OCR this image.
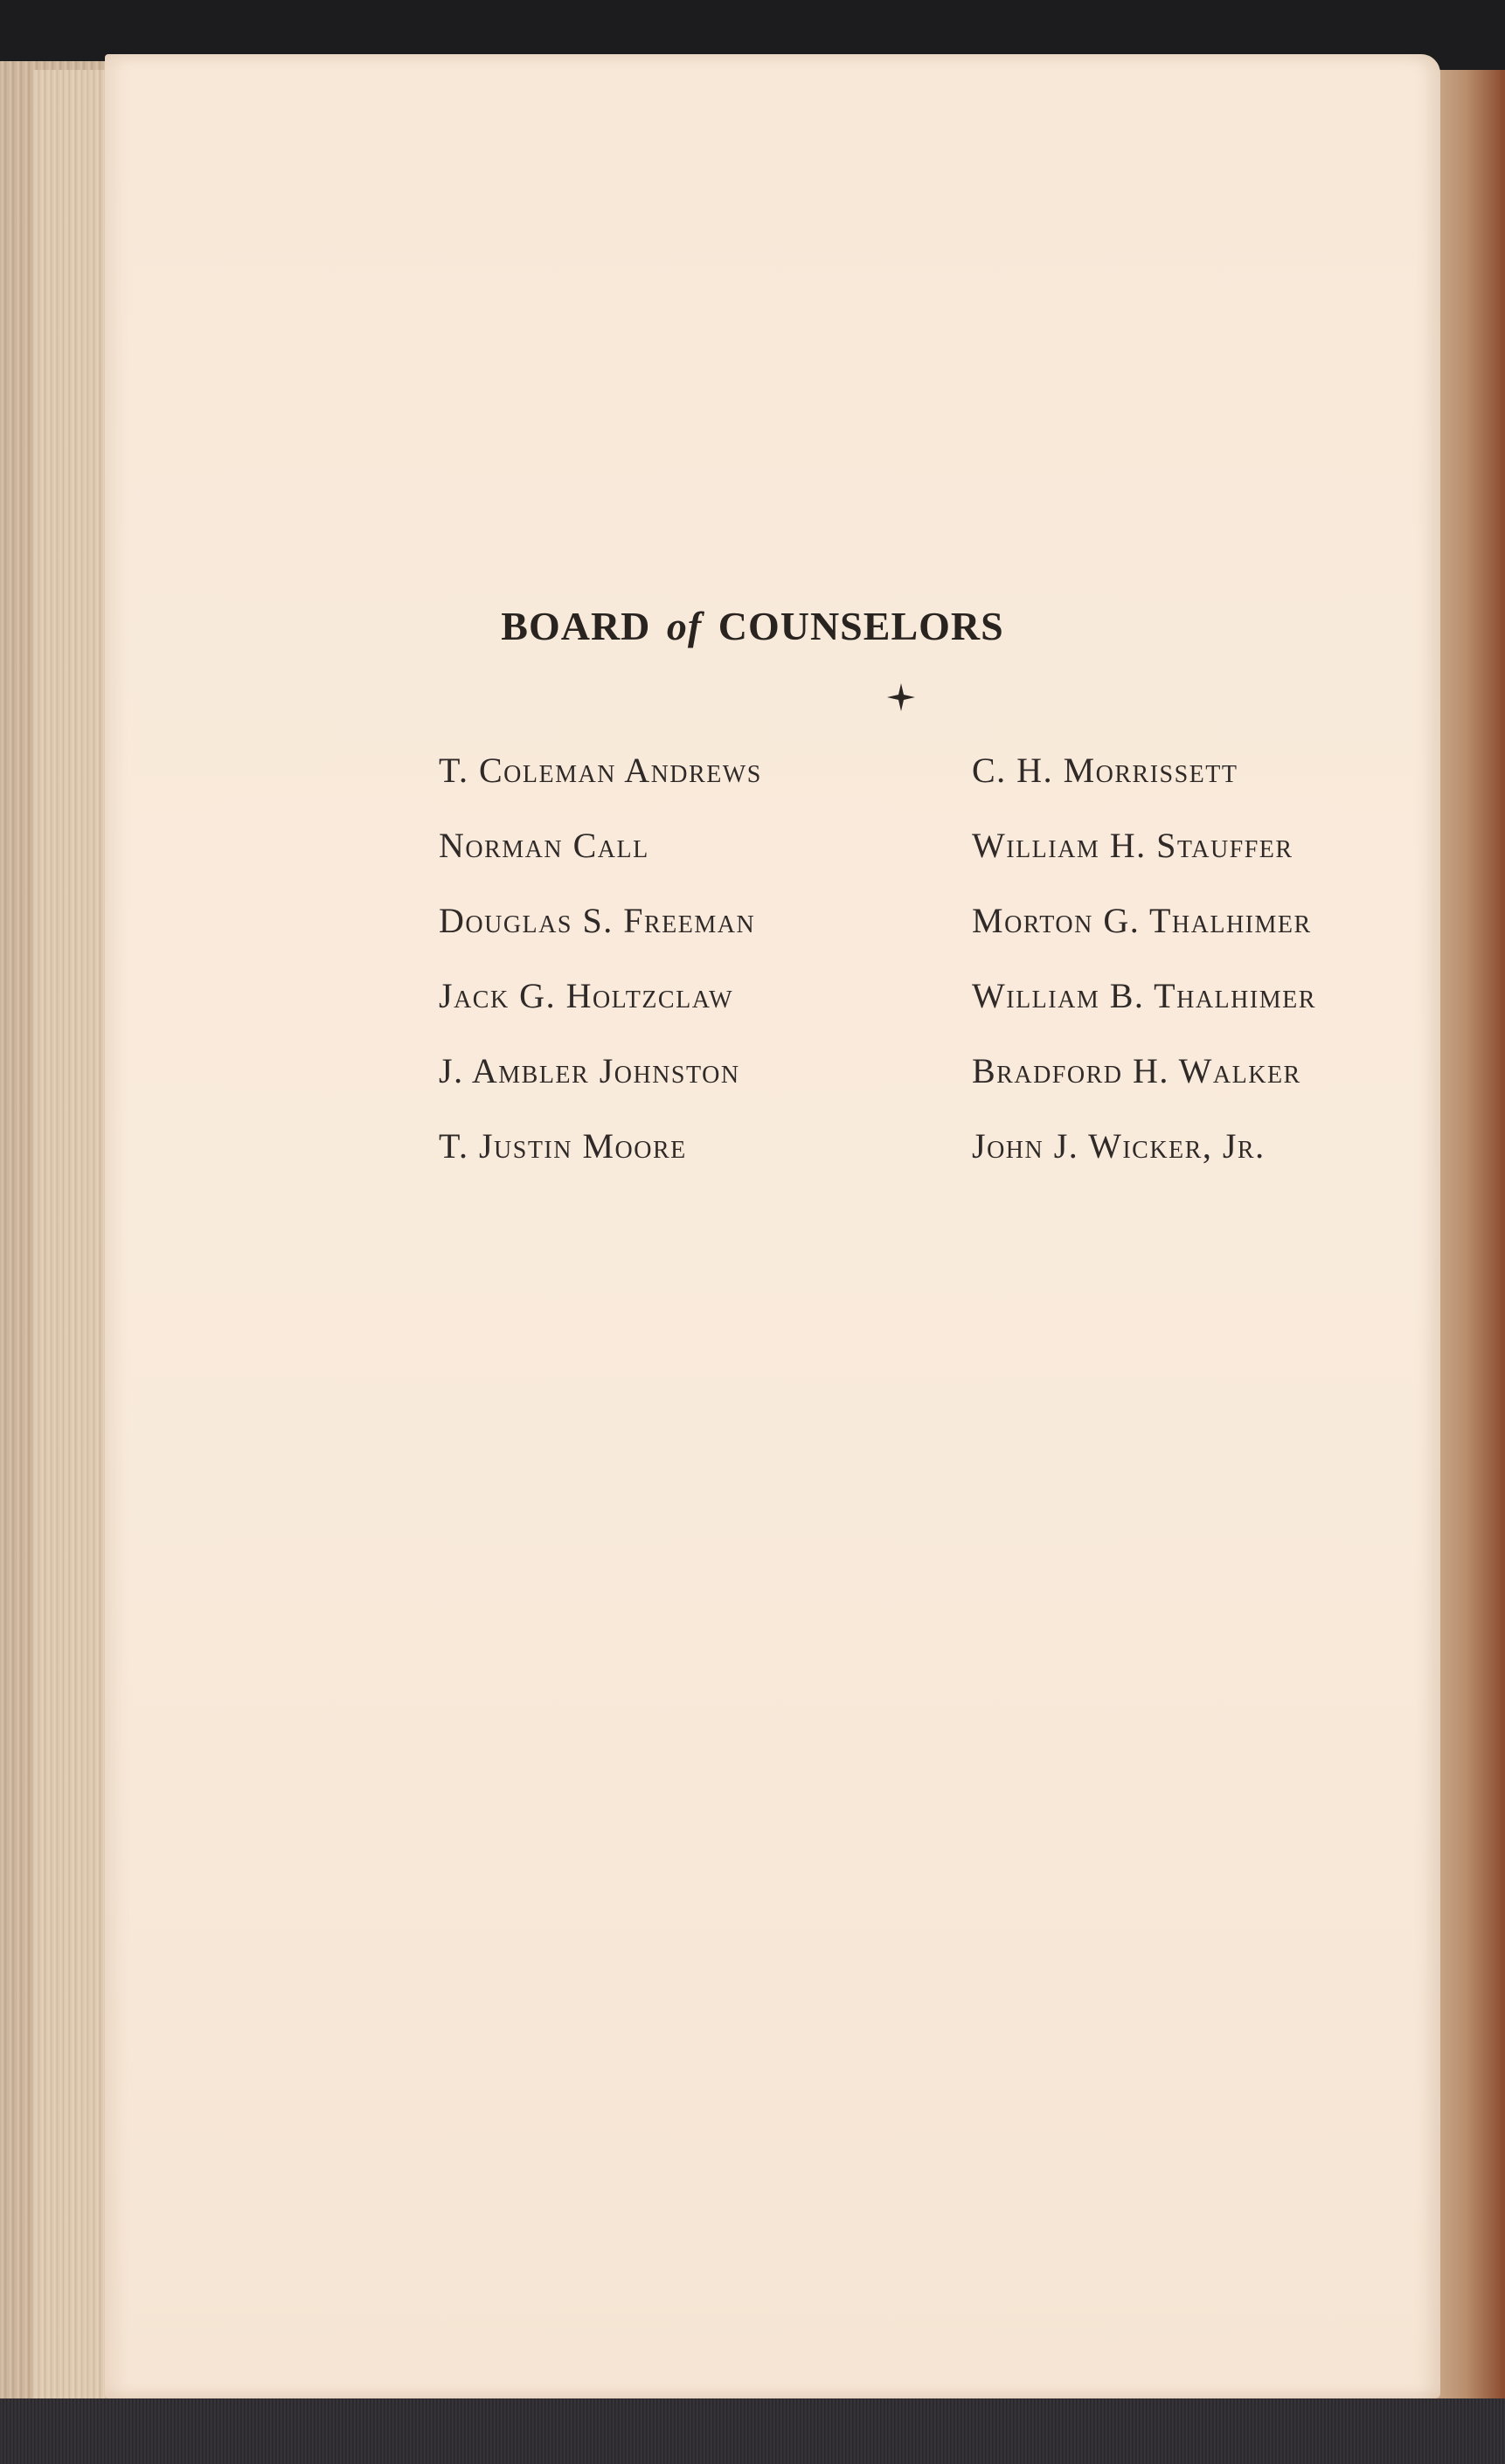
BOARD of COUNSELORS
T. Coleman Andrews
Norman Call
Douglas S. Freeman
Jack G. Holtzclaw
J. Ambler Johnston
T. Justin Moore
C. H. Morrissett
William H. Stauffer
Morton G. Thalhimer
William B. Thalhimer
Bradford H. Walker
John J. Wicker, Jr.
